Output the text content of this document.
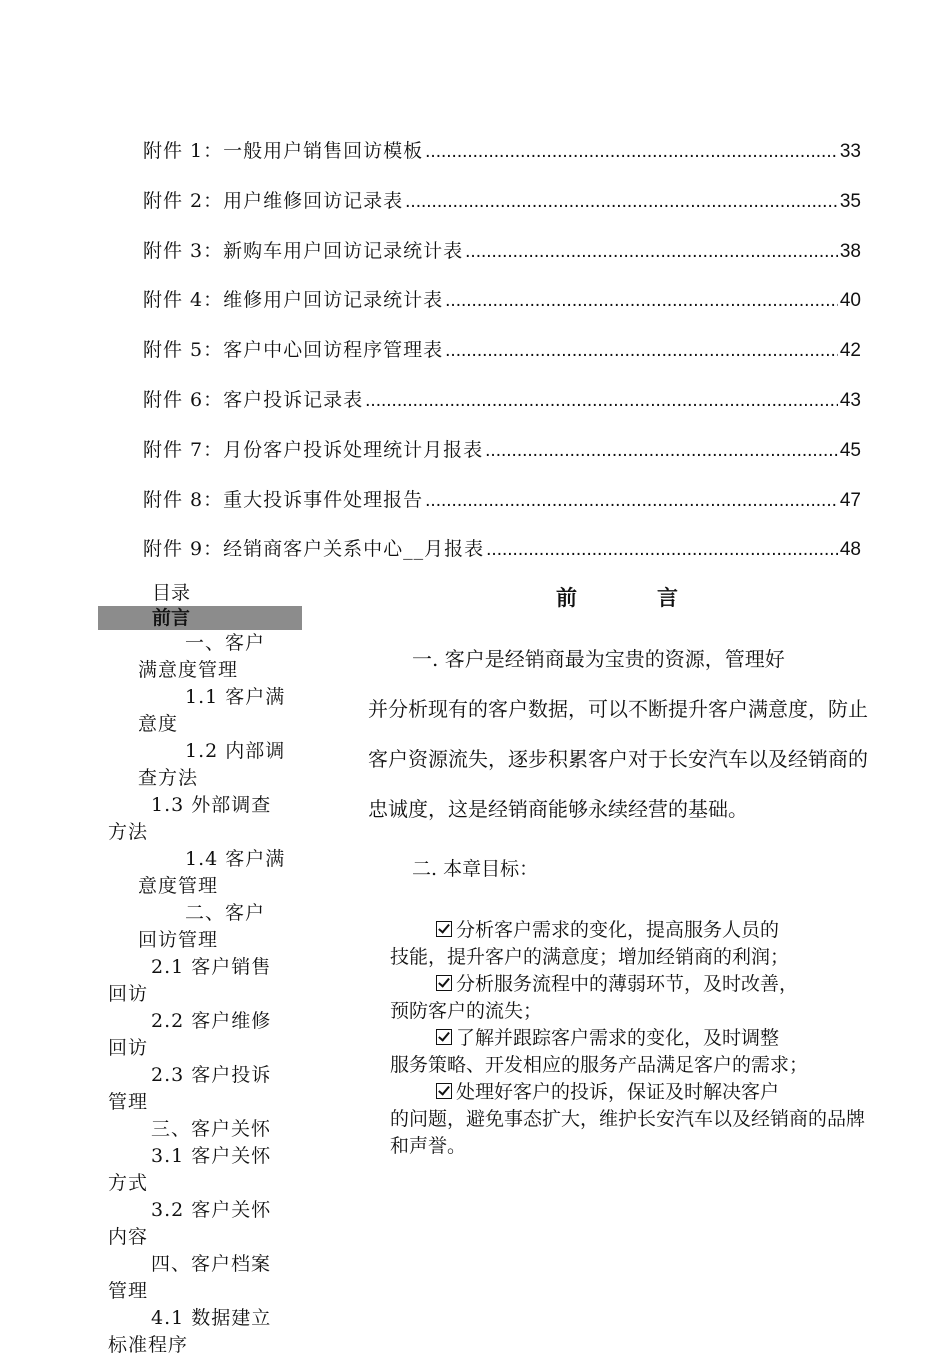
附件 1：一般用户销售回访模板 .....	33
附件 2：用户维修回访记录表 .....	35
附件 3：新购车用户回访记录统计表 .....	38
附件 4：维修用户回访记录统计表 .....	40
附件 5：客户中心回访程序管理表 .....	42
附件 6：客户投诉记录表 .....	43
附件 7：月份客户投诉处理统计月报表 .....	45
附件 8：重大投诉事件处理报告 .....	47
附件 9：经销商客户关系中心__月报表 .....	48
目录
前言
一、客户
满意度管理
1.1 客户满
意度
1.2 内部调
查方法
1.3 外部调查
方法
1.4 客户满
意度管理
二、客户
回访管理
2.1 客户销售
回访
2.2 客户维修
回访
2.3 客户投诉
管理
三、客户关怀
3.1 客户关怀
方式
3.2 客户关怀
内容
四、客户档案
管理
4.1 数据建立
标准程序
前	言
一. 客户是经销商最为宝贵的资源，管理好
并分析现有的客户数据，可以不断提升客户满意度，防止客户资源流失，逐步积累客户对于长安汽车以及经销商的忠诚度，这是经销商能够永续经营的基础。
二. 本章目标：
分析客户需求的变化，提高服务人员的
技能，提升客户的满意度；增加经销商的利润；
分析服务流程中的薄弱环节，及时改善，
预防客户的流失；
了解并跟踪客户需求的变化，及时调整
服务策略、开发相应的服务产品满足客户的需求；
处理好客户的投诉，保证及时解决客户
的问题，避免事态扩大，维护长安汽车以及经销商的品牌和声誉。
